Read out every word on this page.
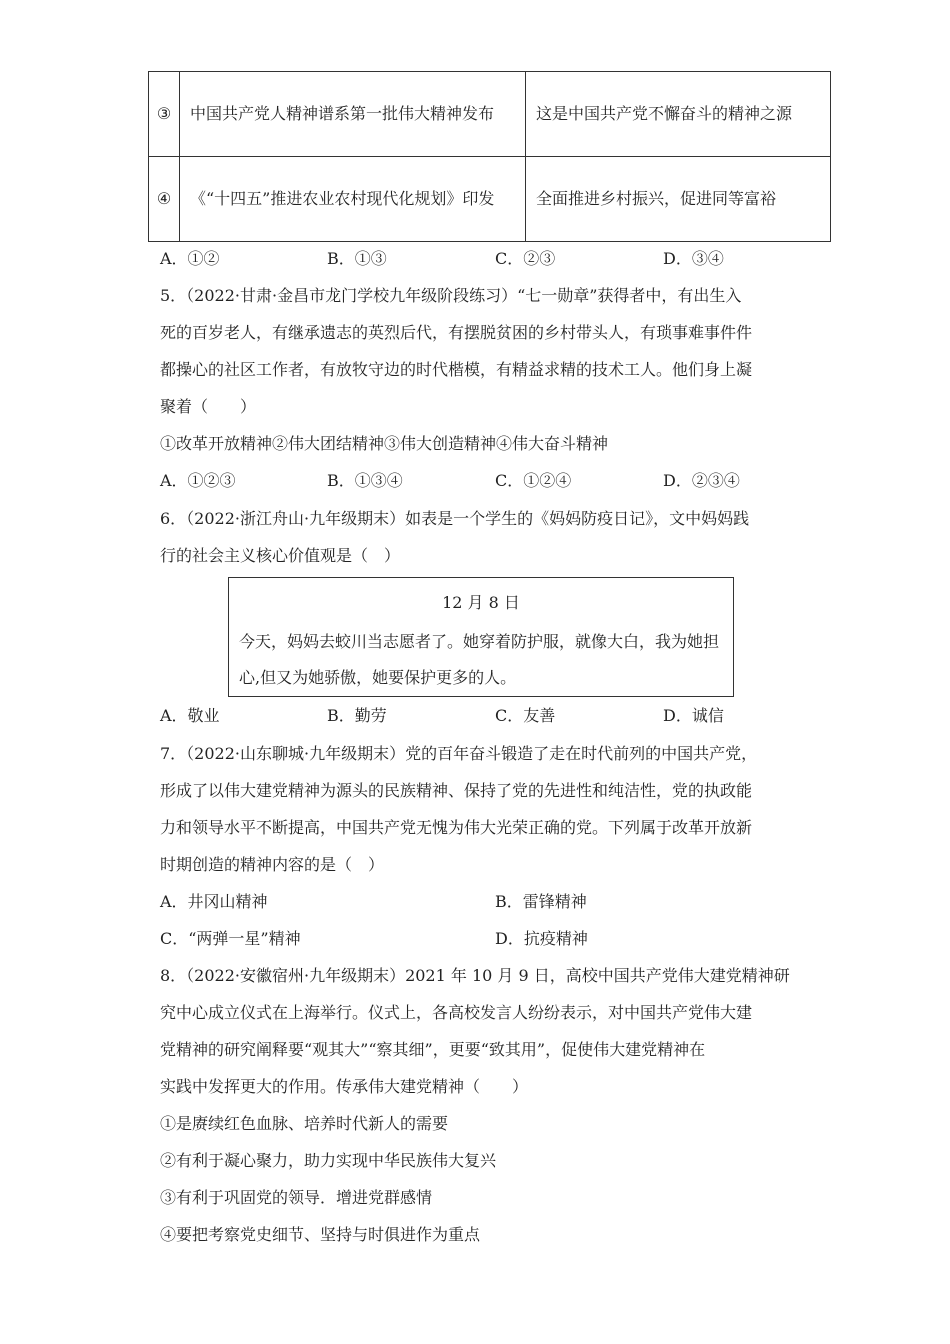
③	中国共产党人精神谱系第一批伟大精神发布	这是中国共产党不懈奋斗的精神之源
④	《“十四五”推进农业农村现代化规划》印发	全面推进乡村振兴，促进同等富裕
A．①②	B．①③	C．②③	D．③④
5．（2022·甘肃·金昌市龙门学校九年级阶段练习）“七一勋章”获得者中，有出生入
死的百岁老人，有继承遗志的英烈后代，有摆脱贫困的乡村带头人，有琐事难事件件
都操心的社区工作者，有放牧守边的时代楷模，有精益求精的技术工人。他们身上凝
聚着（　　）
①改革开放精神②伟大团结精神③伟大创造精神④伟大奋斗精神
A．①②③	B．①③④	C．①②④	D．②③④
6．（2022·浙江舟山·九年级期末）如表是一个学生的《妈妈防疫日记》，文中妈妈践
行的社会主义核心价值观是（　）
12 月 8 日
今天，妈妈去蛟川当志愿者了。她穿着防护服，就像大白，我为她担心,但又为她骄傲，她要保护更多的人。
A．敬业	B．勤劳	C．友善	D．诚信
7．（2022·山东聊城·九年级期末）党的百年奋斗锻造了走在时代前列的中国共产党，
形成了以伟大建党精神为源头的民族精神、保持了党的先进性和纯洁性，党的执政能
力和领导水平不断提高，中国共产党无愧为伟大光荣正确的党。下列属于改革开放新
时期创造的精神内容的是（　）
A．井冈山精神	B．雷锋精神
C．“两弹一星”精神	D．抗疫精神
8．（2022·安徽宿州·九年级期末）2021 年 10 月 9 日，高校中国共产党伟大建党精神研
究中心成立仪式在上海举行。仪式上，各高校发言人纷纷表示，对中国共产党伟大建
党精神的研究阐释要“观其大”“察其细”，更要“致其用”，促使伟大建党精神在
实践中发挥更大的作用。传承伟大建党精神（　　）
①是赓续红色血脉、培养时代新人的需要
②有利于凝心聚力，助力实现中华民族伟大复兴
③有利于巩固党的领导．增进党群感情
④要把考察党史细节、坚持与时俱进作为重点
